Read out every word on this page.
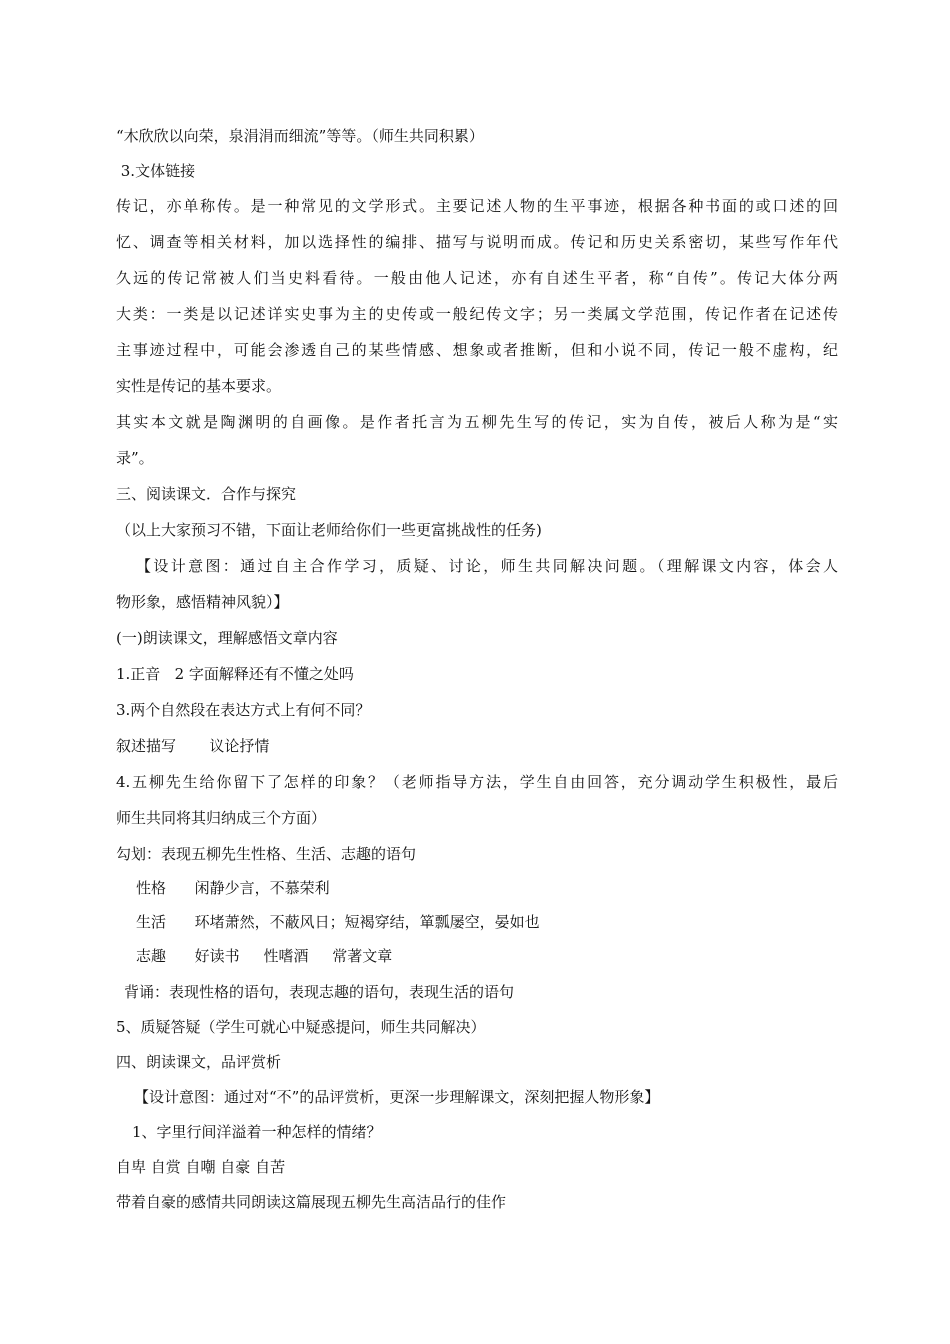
“木欣欣以向荣，泉涓涓而细流”等等。（师生共同积累）

3.文体链接

传记，亦单称传。是一种常见的文学形式。主要记述人物的生平事迹，根据各种书面的或口述的回

忆、调查等相关材料，加以选择性的编排、描写与说明而成。传记和历史关系密切，某些写作年代

久远的传记常被人们当史料看待。一般由他人记述，亦有自述生平者，称“自传”。传记大体分两

大类：一类是以记述详实史事为主的史传或一般纪传文字；另一类属文学范围，传记作者在记述传

主事迹过程中，可能会渗透自己的某些情感、想象或者推断，但和小说不同，传记一般不虚构，纪

实性是传记的基本要求。

其实本文就是陶渊明的自画像。是作者托言为五柳先生写的传记，实为自传，被后人称为是“实

录”。

三、阅读课文．合作与探究

（以上大家预习不错，下面让老师给你们一些更富挑战性的任务)

【设计意图：通过自主合作学习，质疑、讨论，师生共同解决问题。（理解课文内容，体会人

物形象，感悟精神风貌）】

(一)朗读课文，理解感悟文章内容

1.正音   2 字面解释还有不懂之处吗

3.两个自然段在表达方式上有何不同？

叙述描写       议论抒情

4.五柳先生给你留下了怎样的印象？（老师指导方法，学生自由回答，充分调动学生积极性，最后

师生共同将其归纳成三个方面）

勾划：表现五柳先生性格、生活、志趣的语句

性格      闲静少言，不慕荣利

生活      环堵萧然，不蔽风日；短褐穿结，箪瓢屡空，晏如也

志趣      好读书     性嗜酒     常著文章

背诵：表现性格的语句，表现志趣的语句，表现生活的语句

5、质疑答疑（学生可就心中疑惑提问，师生共同解决）

四、朗读课文，品评赏析

【设计意图：通过对“不”的品评赏析，更深一步理解课文，深刻把握人物形象】

1、字里行间洋溢着一种怎样的情绪？

自卑 自赏 自嘲 自豪 自苦

带着自豪的感情共同朗读这篇展现五柳先生高洁品行的佳作
